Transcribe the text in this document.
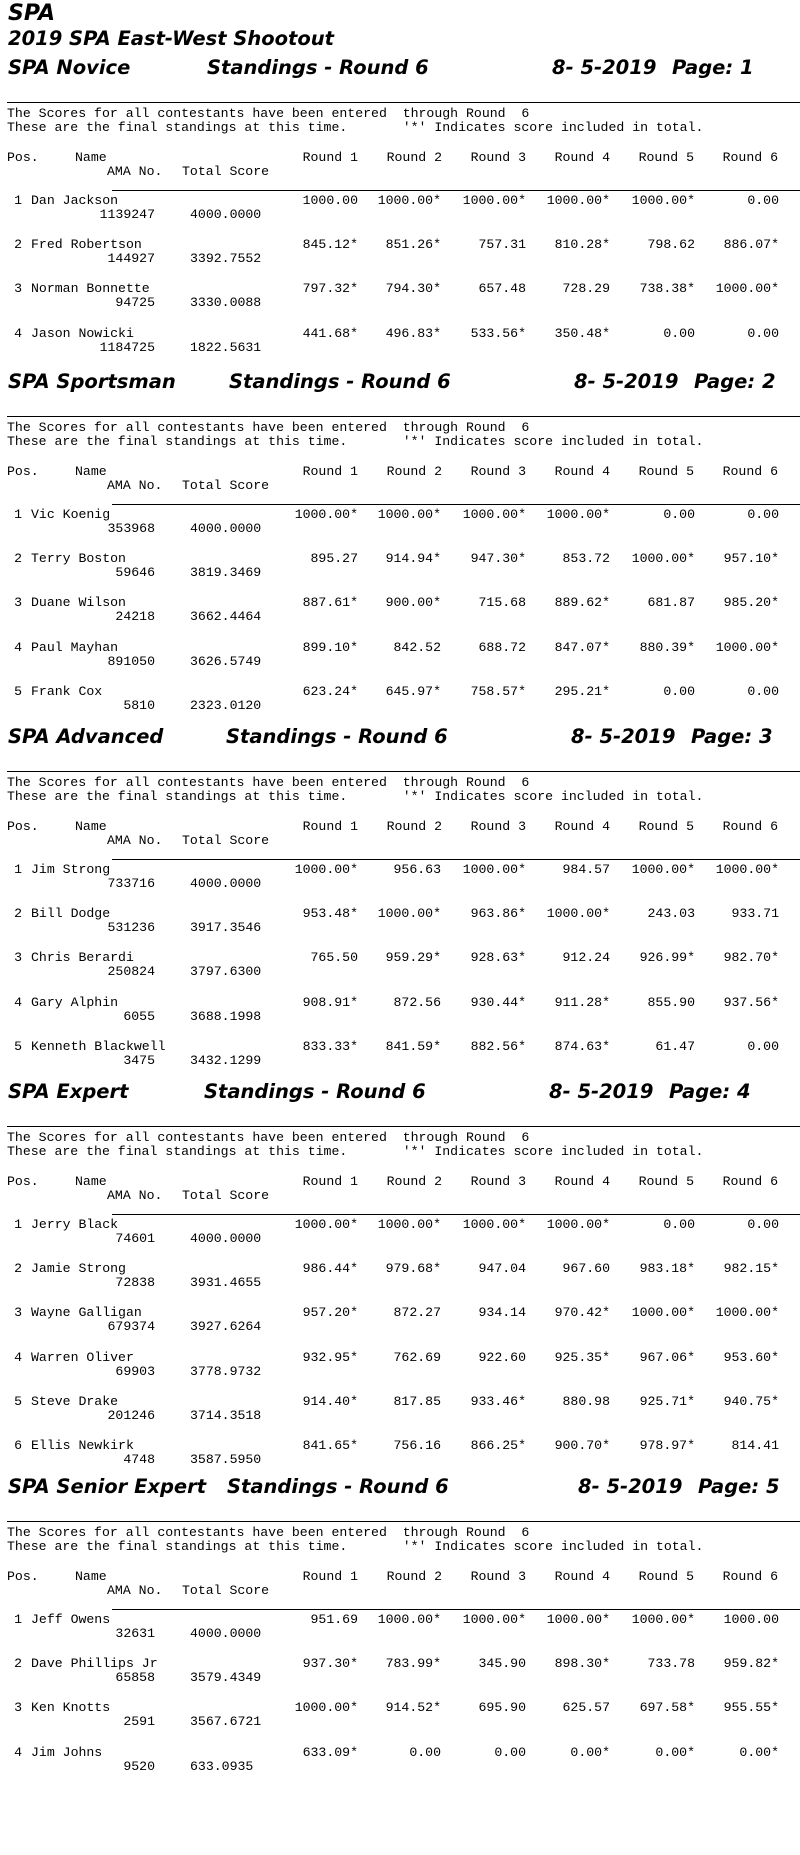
SPA
2019 SPA East-West Shootout
SPA Novice	Standings - Round 6	8- 5-2019 Page: 1
The Scores for all contestants have been entered  through Round  6
These are the final standings at this time.       '*' Indicates score included in total.
Pos.	Name
AMA No. Total Score
Round 1	Round 2	Round 3	Round 4	Round 5	Round 6
1 Dan Jackson
1139247	4000.0000
1000.00	1000.00*	1000.00*	1000.00*	1000.00*	0.00
2 Fred Robertson
144927	3392.7552
845.12*	851.26*	757.31	810.28*	798.62	886.07*
3 Norman Bonnette
94725	3330.0088
797.32*	794.30*	657.48	728.29	738.38*	1000.00*
4 Jason Nowicki
1184725	1822.5631
441.68*	496.83*	533.56*	350.48*	0.00	0.00
SPA Sportsman	Standings - Round 6	8- 5-2019 Page: 2
The Scores for all contestants have been entered  through Round  6
These are the final standings at this time.       '*' Indicates score included in total.
Pos.	Name
AMA No. Total Score
Round 1	Round 2	Round 3	Round 4	Round 5	Round 6
1 Vic Koenig
353968	4000.0000
1000.00*	1000.00*	1000.00*	1000.00*	0.00	0.00
2 Terry Boston
59646	3819.3469
895.27	914.94*	947.30*	853.72	1000.00*	957.10*
3 Duane Wilson
24218	3662.4464
887.61*	900.00*	715.68	889.62*	681.87	985.20*
4 Paul Mayhan
891050	3626.5749
899.10*	842.52	688.72	847.07*	880.39*	1000.00*
5 Frank Cox
5810	2323.0120
623.24*	645.97*	758.57*	295.21*	0.00	0.00
SPA Advanced	Standings - Round 6	8- 5-2019 Page: 3
The Scores for all contestants have been entered  through Round  6
These are the final standings at this time.       '*' Indicates score included in total.
Pos.	Name
AMA No. Total Score
Round 1	Round 2	Round 3	Round 4	Round 5	Round 6
1 Jim Strong
733716	4000.0000
1000.00*	956.63	1000.00*	984.57	1000.00*	1000.00*
2 Bill Dodge
531236	3917.3546
953.48*	1000.00*	963.86*	1000.00*	243.03	933.71
3 Chris Berardi
250824	3797.6300
765.50	959.29*	928.63*	912.24	926.99*	982.70*
4 Gary Alphin
6055	3688.1998
908.91*	872.56	930.44*	911.28*	855.90	937.56*
5 Kenneth Blackwell
3475	3432.1299
833.33*	841.59*	882.56*	874.63*	61.47	0.00
SPA Expert	Standings - Round 6	8- 5-2019 Page: 4
The Scores for all contestants have been entered  through Round  6
These are the final standings at this time.       '*' Indicates score included in total.
Pos.	Name
AMA No. Total Score
Round 1	Round 2	Round 3	Round 4	Round 5	Round 6
1 Jerry Black
74601	4000.0000
1000.00*	1000.00*	1000.00*	1000.00*	0.00	0.00
2 Jamie Strong
72838	3931.4655
986.44*	979.68*	947.04	967.60	983.18*	982.15*
3 Wayne Galligan
679374	3927.6264
957.20*	872.27	934.14	970.42*	1000.00*	1000.00*
4 Warren Oliver
69903	3778.9732
932.95*	762.69	922.60	925.35*	967.06*	953.60*
5 Steve Drake
201246	3714.3518
914.40*	817.85	933.46*	880.98	925.71*	940.75*
6 Ellis Newkirk
4748	3587.5950
841.65*	756.16	866.25*	900.70*	978.97*	814.41
SPA Senior Expert Standings - Round 6	8- 5-2019 Page: 5
The Scores for all contestants have been entered  through Round  6
These are the final standings at this time.       '*' Indicates score included in total.
Pos.	Name
AMA No. Total Score
Round 1	Round 2	Round 3	Round 4	Round 5	Round 6
1 Jeff Owens
32631	4000.0000
951.69	1000.00*	1000.00*	1000.00*	1000.00*	1000.00
2 Dave Phillips Jr
65858	3579.4349
937.30*	783.99*	345.90	898.30*	733.78	959.82*
3 Ken Knotts
2591	3567.6721
1000.00*	914.52*	695.90	625.57	697.58*	955.55*
4 Jim Johns
9520	633.0935
633.09*	0.00	0.00	0.00*	0.00*	0.00*
